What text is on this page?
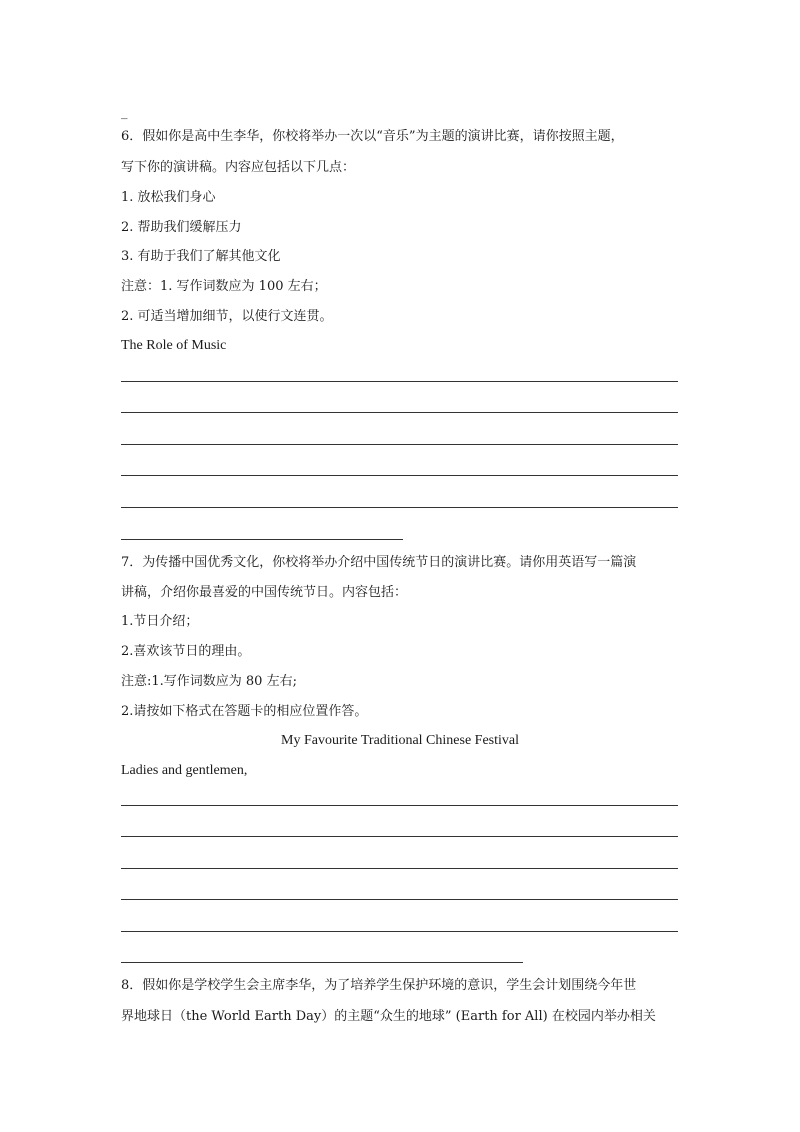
_
6．假如你是高中生李华，你校将举办一次以“音乐”为主题的演讲比赛，请你按照主题，
写下你的演讲稿。内容应包括以下几点：
1. 放松我们身心
2. 帮助我们缓解压力
3. 有助于我们了解其他文化
注意：1. 写作词数应为 100 左右；
2. 可适当增加细节，以使行文连贯。
The Role of Music
7．为传播中国优秀文化，你校将举办介绍中国传统节日的演讲比赛。请你用英语写一篇演
讲稿，介绍你最喜爱的中国传统节日。内容包括：
1.节日介绍；
2.喜欢该节日的理由。
注意:1.写作词数应为 80 左右;
2.请按如下格式在答题卡的相应位置作答。
My Favourite Traditional Chinese Festival
Ladies and gentlemen,
8．假如你是学校学生会主席李华，为了培养学生保护环境的意识，学生会计划围绕今年世
界地球日（the World Earth Day）的主题“众生的地球” (Earth for All) 在校园内举办相关
